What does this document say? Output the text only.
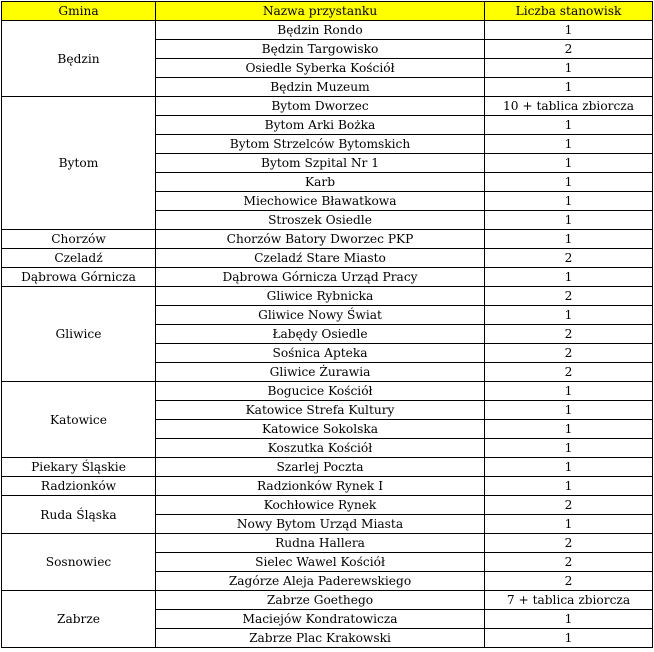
Gmina	Nazwa przystanku	Liczba stanowisk
Będzin	Będzin Rondo	1
	Będzin Targowisko	2
	Osiedle Syberka Kościół	1
	Będzin Muzeum	1
Bytom	Bytom Dworzec	10 + tablica zbiorcza
	Bytom Arki Bożka	1
	Bytom Strzelców Bytomskich	1
	Bytom Szpital Nr 1	1
	Karb	1
	Miechowice Bławatkowa	1
	Stroszek Osiedle	1
Chorzów	Chorzów Batory Dworzec PKP	1
Czeladź	Czeladź Stare Miasto	2
Dąbrowa Górnicza	Dąbrowa Górnicza Urząd Pracy	1
Gliwice	Gliwice Rybnicka	2
	Gliwice Nowy Świat	1
	Łabędy Osiedle	2
	Sośnica Apteka	2
	Gliwice Żurawia	2
Katowice	Bogucice Kościół	1
	Katowice Strefa Kultury	1
	Katowice Sokolska	1
	Koszutka Kościół	1
Piekary Śląskie	Szarlej Poczta	1
Radzionków	Radzionków Rynek I	1
Ruda Śląska	Kochłowice Rynek	2
	Nowy Bytom Urząd Miasta	1
Sosnowiec	Rudna Hallera	2
	Sielec Wawel Kościół	2
	Zagórze Aleja Paderewskiego	2
Zabrze	Zabrze Goethego	7 + tablica zbiorcza
	Maciejów Kondratowicza	1
	Zabrze Plac Krakowski	1
